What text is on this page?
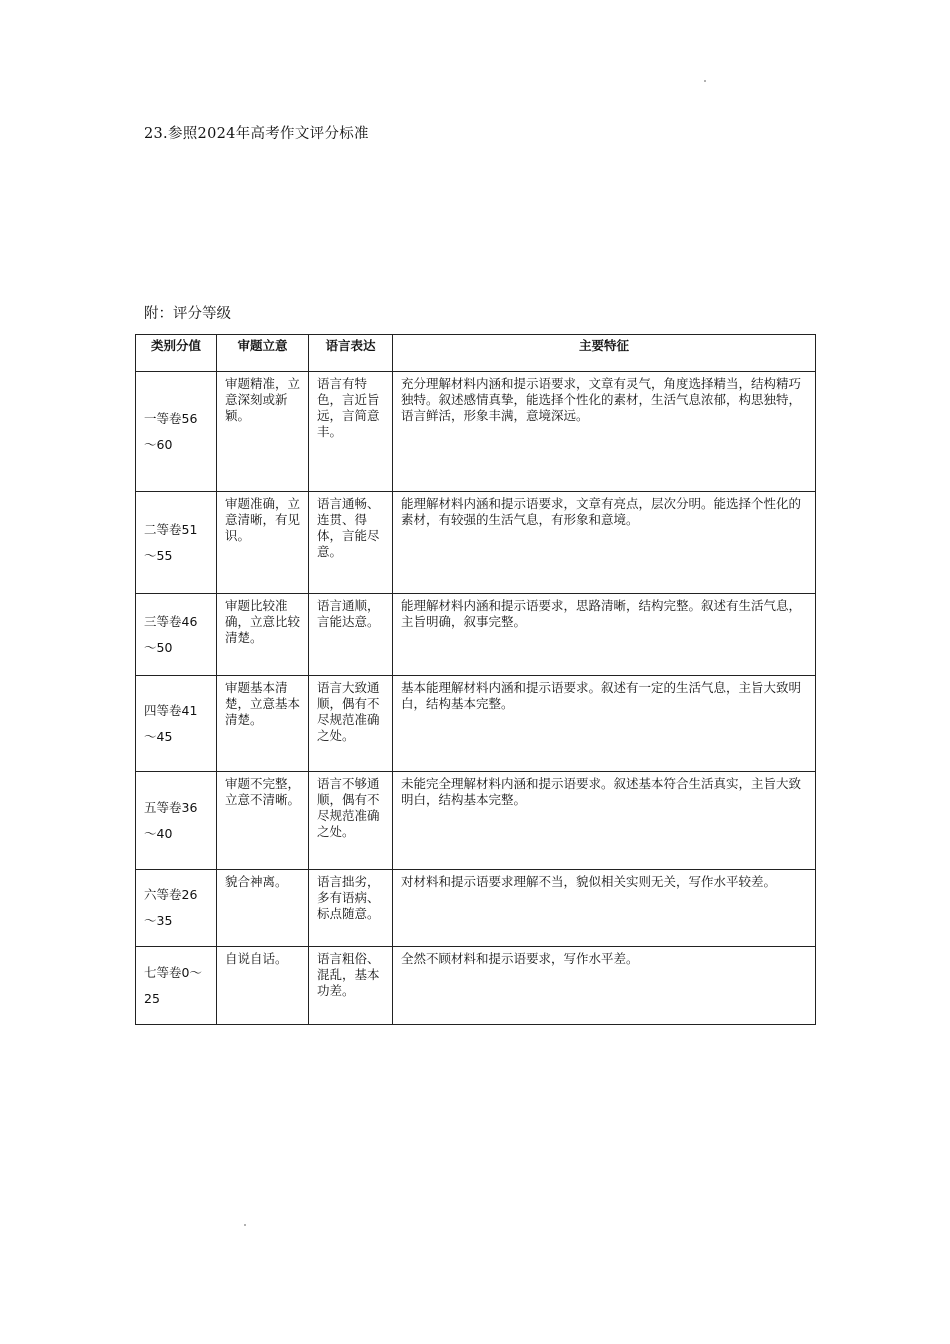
23.参照2024年高考作文评分标准
附：评分等级
类别分值	审题立意	语言表达	主要特征
一等卷56～60	审题精准，立意深刻或新颖。	语言有特色，言近旨远，言简意丰。	充分理解材料内涵和提示语要求，文章有灵气，角度选择精当，结构精巧独特。叙述感情真挚，能选择个性化的素材，生活气息浓郁，构思独特，语言鲜活，形象丰满，意境深远。
二等卷51～55	审题准确，立意清晰，有见识。	语言通畅、连贯、得体，言能尽意。	能理解材料内涵和提示语要求，文章有亮点，层次分明。能选择个性化的素材，有较强的生活气息，有形象和意境。
三等卷46～50	审题比较准确，立意比较清楚。	语言通顺，言能达意。	能理解材料内涵和提示语要求，思路清晰，结构完整。叙述有生活气息，主旨明确，叙事完整。
四等卷41～45	审题基本清楚，立意基本清楚。	语言大致通顺，偶有不尽规范准确之处。	基本能理解材料内涵和提示语要求。叙述有一定的生活气息，主旨大致明白，结构基本完整。
五等卷36～40	审题不完整，立意不清晰。	语言不够通顺，偶有不尽规范准确之处。	未能完全理解材料内涵和提示语要求。叙述基本符合生活真实，主旨大致明白，结构基本完整。
六等卷26～35	貌合神离。	语言拙劣，多有语病、标点随意。	对材料和提示语要求理解不当，貌似相关实则无关，写作水平较差。
七等卷0～25	自说自话。	语言粗俗、混乱，基本功差。	全然不顾材料和提示语要求，写作水平差。
